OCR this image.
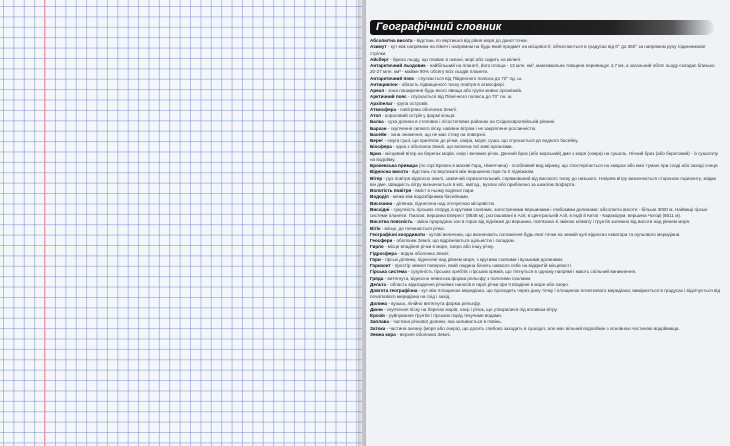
Географічний словник
Абсолютна висота - відстань по вертикалі від рівня моря до даної точки.
Азимут - кут між напрямом на північ і напрямом на будь-який предмет на місцевості; обчислюється в градусах від 0° до 360° за напрямом руху годинникової стрілки.
Айсберг - брила льоду, що плаває в океані, морі або сидить на мілині.
Антарктичний льодовик - найбільший на планеті, його площа - 13 млн. км², максимальна товщина перевищує 4,7 км, а загальний обсяг льоду складає близько 20-27 млн. км³ - майже 90% обсягу всіх льодів планети.
Антарктичний пояс - спускається від Південного полюса до 70° пд. ш.
Антициклон - область підвищеного тиску повітря в атмосфері.
Ареал - зона поширення будь-якого явища або групи живих організмів.
Арктичний пояс - спускається від Північного полюса до 70° пн. ш.
Архіпелаг - група островів.
Атмосфера - повітряна оболонка Землі.
Атол - кораловий острів у формі кільця.
Балка - суха долина в степових і лісостепових районах на Східноєвропейській рівнині.
Бархан - скупчення сипкого піску, навіяне вітром і не закріплене рослинністю.
Басейн - зона зниження, що не має стоку на поверхні.
Берег - смуга суші, що прилягає до річки, озера, моря; суша, що спускається до водного басейну.
Біосфера - одна з оболонок Землі, що включає всі живі організми.
Бриз - місцевий вітер на берегах морів, озер і великих річок. Денний бриз (або морський) дме з моря (озера) на сушоль. Нічний бриз (або береговий) - із сушоголу на водойму.
Брокенська примара (по горі Брокен в масиві Гарц, Німеччина) - особливий вид міражу, що спостерігається на хмарах або вихі тумані при сході або заході сонця.
Відносна висота - відстань по вертикалі між вершиною гори та її підніжжям.
Вітер - рух повітря відносно землі, зазвичай горизонтальний, спрямований від високого тиску до низького. Напрям вітру визначається стороною горизонту, звідки він дме. Швидкість вітру визначається в м/с, км/год., вузлах або приблизно за шкалою Бофорта.
Вологість повітря - вміст в ньому водяної пари.
Вододіл - межа між водозбірними басейнами.
Височина - ділянка, піднесена над оточуючою місцевістю.
Висхідні - сукупність гірських споруд із крутими схилами, загостреними вершинами і глибокими долинами; абсолютні висоти - більше 3000 м. Найвищі гірські системи планети: Гімалаї, вершина Еверест (8848 м), розташовані в Азії; в Центральній Азії, в Індії й Китаї - Каракорум, вершина Чогорі (8611 м).
Висотна поясність - зміна природних зон в горах від підніжжя до вершини, пов'язана зі зміною клімату і ґрунтів залежно від висоти над рівнем моря.
Вітік - місце, де починається річка.
Географічні координати - кутові величини, що визначають положення будь-якої точки на земній кулі відносно екватора та нульового меридіана.
Геосфери - оболонки Землі, що відрізняються щільністю і складом.
Гирло - місце впадіння річки в море, озеро або іншу річку.
Гідросфера - водна оболонка Землі.
Гори - гірські ділянки, піднесені над рівнем моря, з крутими схилами і вузькими долинами.
Горизонт - простір земної поверхні, який людина бачить навколо себе на відкритій місцевості.
Гірська система - сукупність гірських хребтів і гірських кряжів, що тягнуться в одному напрямі і мають спільний виникнення.
Гряда - витягнута, відносно невисока форма рельєфу з пологими схилами.
Дельта - область відкладення річкових наносів в гирлі річки при її впадінні в море або озеро.
Довгота географічна - кут між площиною меридіана, що проходить через дану точку і площиною початкового меридіана; вимірюється в градусах і відлічується від початкового меридіана на схід і захід.
Долина - вузька, лінійно витягнута форма рельєфу.
Дюни - скупчення піску на берегах морів, озер і річок, що утворилися під впливом вітру.
Ерозія - руйнування ґрунтів і гірських порід текучими водами.
Заплава - частина річкової долини, яка заливається в повінь.
Затока - частина океану (моря або озера), що досить глибоко заходить в сушоділ, але має вільний водообмін з основною частиною водоймища.
Земна кора - верхня оболонка Землі.
